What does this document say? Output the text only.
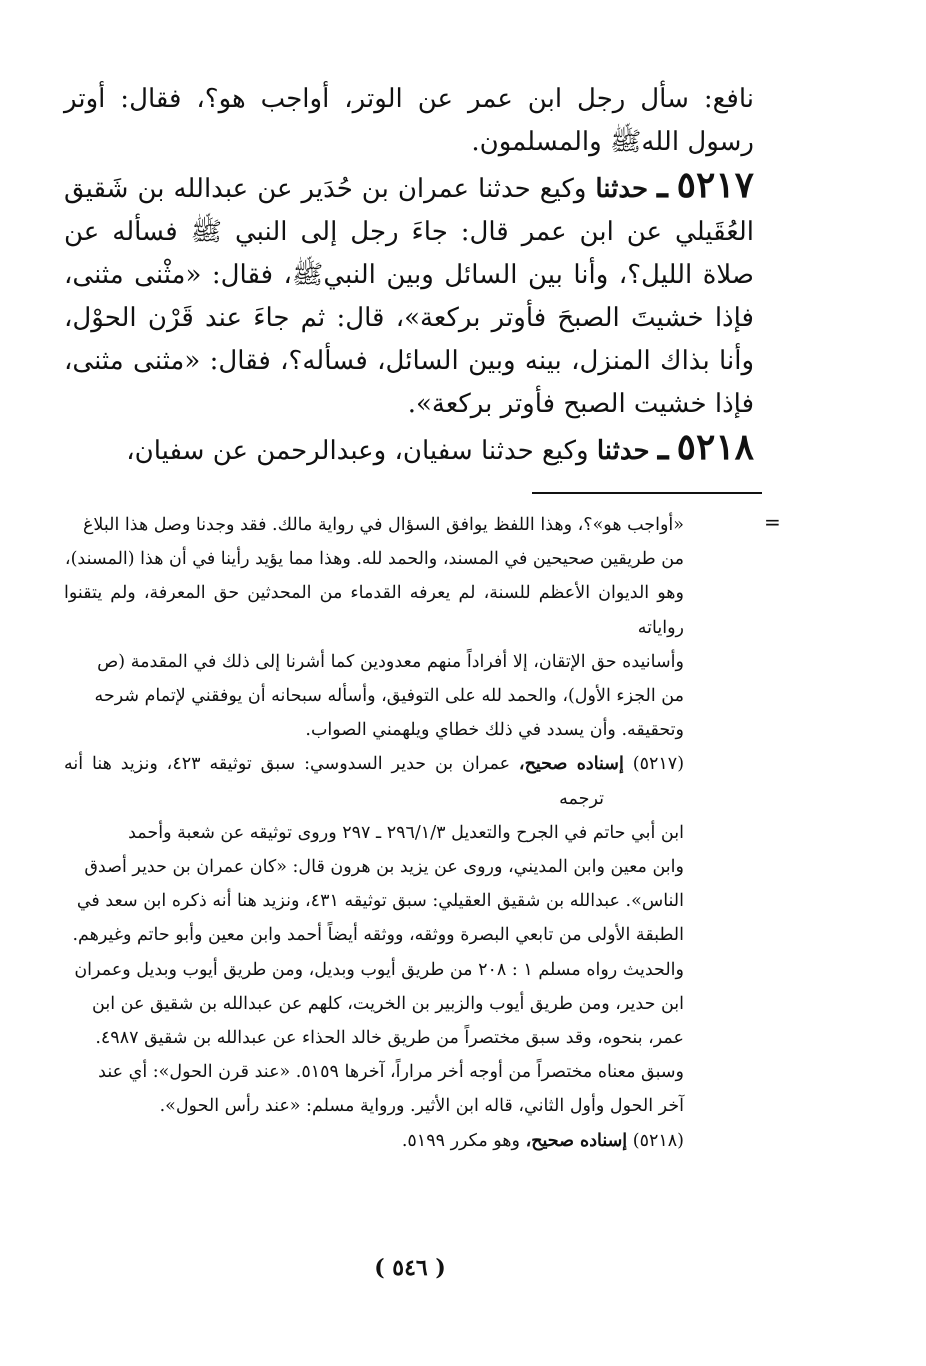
نافع: سأل رجل ابن عمر عن الوتر، أواجب هو؟، فقال: أوتر رسول اللهﷺ والمسلمون.

٥٢١٧ ـ حدثنا وكيع حدثنا عمران بن حُدَير عن عبدالله بن شَقيق العُقَيلي عن ابن عمر قال: جاءَ رجل إلى النبي ﷺ فسأله عن صلاة الليل؟، وأنا بين السائل وبين النبيﷺ، فقال: «مثْنى مثنى، فإذا خشيتَ الصبحَ فأوتر بركعة»، قال: ثم جاءَ عند قَرْن الحوْل، وأنا بذاك المنزل، بينه وبين السائل، فسأله؟، فقال: «مثنى مثنى، فإذا خشيت الصبح فأوتر بركعة».

٥٢١٨ ـ حدثنا وكيع حدثنا سفيان، وعبدالرحمن عن سفيان،

=

«أواجب هو»؟، وهذا اللفظ يوافق السؤال في رواية مالك. فقد وجدنا وصل هذا البلاغ

من طريقين صحيحين في المسند، والحمد لله. وهذا مما يؤيد رأينا في أن هذا (المسند)،

وهو الديوان الأعظم للسنة، لم يعرفه القدماء من المحدثين حق المعرفة، ولم يتقنوا رواياته

وأسانيده حق الإتقان، إلا أفراداً منهم معدودين كما أشرنا إلى ذلك في المقدمة (ص

من الجزء الأول)، والحمد لله على التوفيق، وأسأله سبحانه أن يوفقني لإتمام شرحه

وتحقيقه. وأن يسدد في ذلك خطاي ويلهمني الصواب.

(٥٢١٧) إسناده صحيح، عمران بن حدير السدوسي: سبق توثيقه ٤٢٣، ونزيد هنا أنه ترجمه

ابن أبي حاتم في الجرح والتعديل ٢٩٦/١/٣ ـ ٢٩٧ وروى توثيقه عن شعبة وأحمد

وابن معين وابن المديني، وروى عن يزيد بن هرون قال: «كان عمران بن حدير أصدق

الناس». عبدالله بن شقيق العقيلي: سبق توثيقه ٤٣١، ونزيد هنا أنه ذكره ابن سعد في

الطبقة الأولى من تابعي البصرة ووثقه، ووثقه أيضاً أحمد وابن معين وأبو حاتم وغيرهم.

والحديث رواه مسلم ١ : ٢٠٨ من طريق أيوب وبديل، ومن طريق أيوب وبديل وعمران

ابن حدير، ومن طريق أيوب والزبير بن الخريت، كلهم عن عبدالله بن شقيق عن ابن

عمر، بنحوه، وقد سبق مختصراً من طريق خالد الحذاء عن عبدالله بن شقيق ٤٩٨٧.

وسبق معناه مختصراً من أوجه أخر مراراً، آخرها ٥١٥٩. «عند قرن الحول»: أي عند

آخر الحول وأول الثاني، قاله ابن الأثير. ورواية مسلم: «عند رأس الحول».

(٥٢١٨) إسناده صحيح، وهو مكرر ٥١٩٩.

( ٥٤٦ )
